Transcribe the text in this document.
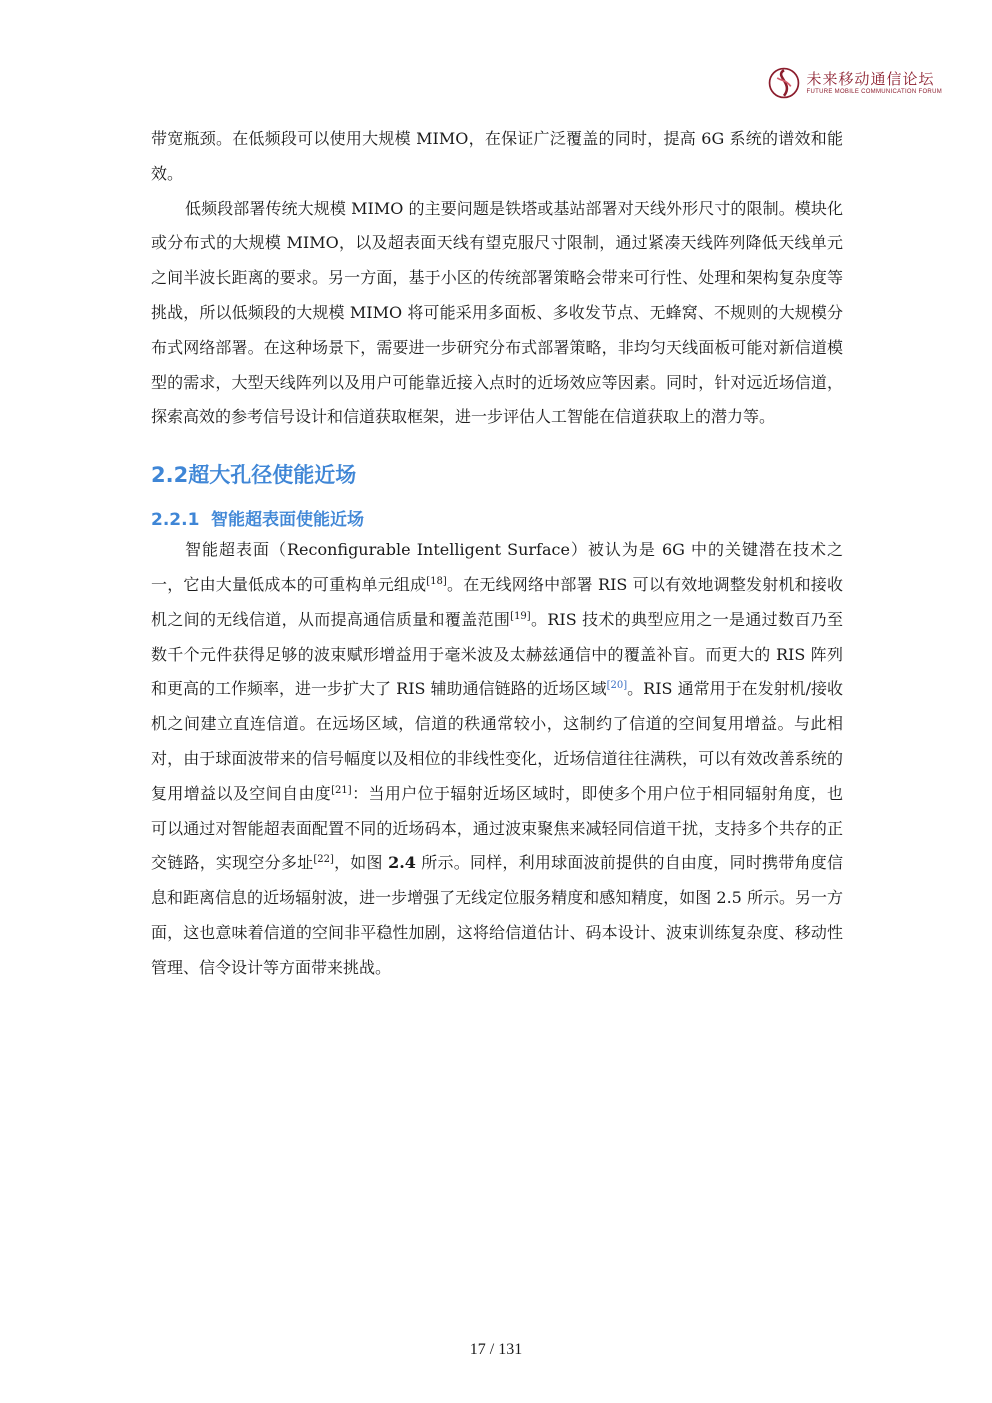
未来移动通信论坛
FUTURE MOBILE COMMUNICATION FORUM

带宽瓶颈。在低频段可以使用大规模 MIMO，在保证广泛覆盖的同时，提高 6G 系统的谱效和能效。

低频段部署传统大规模 MIMO 的主要问题是铁塔或基站部署对天线外形尺寸的限制。模块化或分布式的大规模 MIMO，以及超表面天线有望克服尺寸限制，通过紧凑天线阵列降低天线单元之间半波长距离的要求。另一方面，基于小区的传统部署策略会带来可行性、处理和架构复杂度等挑战，所以低频段的大规模 MIMO 将可能采用多面板、多收发节点、无蜂窝、不规则的大规模分布式网络部署。在这种场景下，需要进一步研究分布式部署策略，非均匀天线面板可能对新信道模型的需求，大型天线阵列以及用户可能靠近接入点时的近场效应等因素。同时，针对远近场信道，探索高效的参考信号设计和信道获取框架，进一步评估人工智能在信道获取上的潜力等。

2.2超大孔径使能近场
2.2.1 智能超表面使能近场

智能超表面（Reconfigurable Intelligent Surface）被认为是 6G 中的关键潜在技术之一，它由大量低成本的可重构单元组成[18]。在无线网络中部署 RIS 可以有效地调整发射机和接收机之间的无线信道，从而提高通信质量和覆盖范围[19]。RIS 技术的典型应用之一是通过数百乃至数千个元件获得足够的波束赋形增益用于毫米波及太赫兹通信中的覆盖补盲。而更大的 RIS 阵列和更高的工作频率，进一步扩大了 RIS 辅助通信链路的近场区域[20]。RIS 通常用于在发射机/接收机之间建立直连信道。在远场区域，信道的秩通常较小，这制约了信道的空间复用增益。与此相对，由于球面波带来的信号幅度以及相位的非线性变化，近场信道往往满秩，可以有效改善系统的复用增益以及空间自由度[21]：当用户位于辐射近场区域时，即使多个用户位于相同辐射角度，也可以通过对智能超表面配置不同的近场码本，通过波束聚焦来减轻同信道干扰，支持多个共存的正交链路，实现空分多址[22]，如图 2.4 所示。同样，利用球面波前提供的自由度，同时携带角度信息和距离信息的近场辐射波，进一步增强了无线定位服务精度和感知精度，如图 2.5 所示。另一方面，这也意味着信道的空间非平稳性加剧，这将给信道估计、码本设计、波束训练复杂度、移动性管理、信令设计等方面带来挑战。

17 / 131
